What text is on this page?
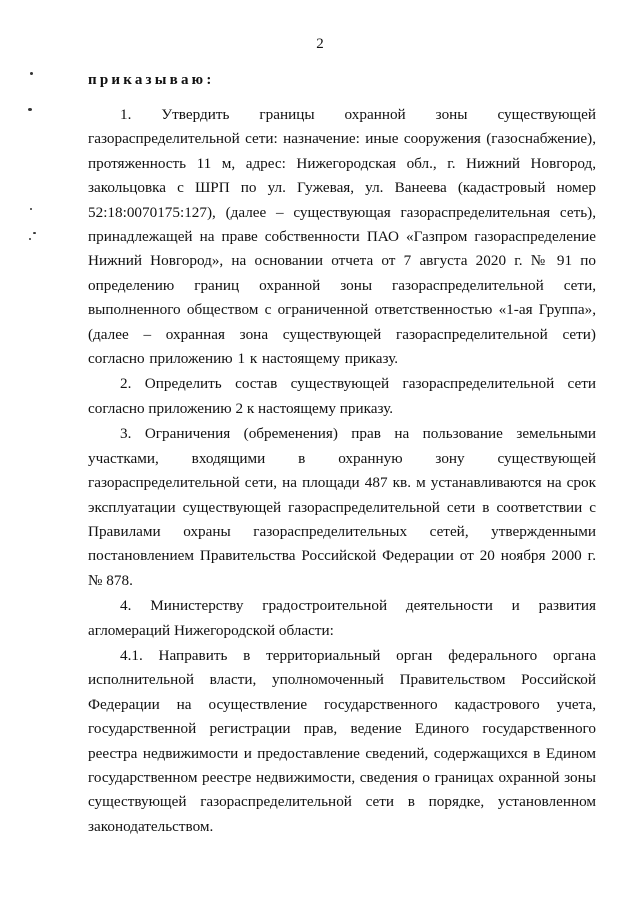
2
приказываю:

1. Утвердить границы охранной зоны существующей газораспределительной сети: назначение: иные сооружения (газоснабжение), протяженность 11 м, адрес: Нижегородская обл., г. Нижний Новгород, закольцовка с ШРП по ул. Гужевая, ул. Ванеева (кадастровый номер 52:18:0070175:127), (далее – существующая газораспределительная сеть), принадлежащей на праве собственности ПАО «Газпром газораспределение Нижний Новгород», на основании отчета от 7 августа 2020 г. № 91 по определению границ охранной зоны газораспределительной сети, выполненного обществом с ограниченной ответственностью «1-ая Группа», (далее – охранная зона существующей газораспределительной сети) согласно приложению 1 к настоящему приказу.

2. Определить состав существующей газораспределительной сети согласно приложению 2 к настоящему приказу.

3. Ограничения (обременения) прав на пользование земельными участками, входящими в охранную зону существующей газораспределительной сети, на площади 487 кв. м устанавливаются на срок эксплуатации существующей газораспределительной сети в соответствии с Правилами охраны газораспределительных сетей, утвержденными постановлением Правительства Российской Федерации от 20 ноября 2000 г. № 878.

4. Министерству градостроительной деятельности и развития агломераций Нижегородской области:

4.1. Направить в территориальный орган федерального органа исполнительной власти, уполномоченный Правительством Российской Федерации на осуществление государственного кадастрового учета, государственной регистрации прав, ведение Единого государственного реестра недвижимости и предоставление сведений, содержащихся в Едином государственном реестре недвижимости, сведения о границах охранной зоны существующей газораспределительной сети в порядке, установленном законодательством.
